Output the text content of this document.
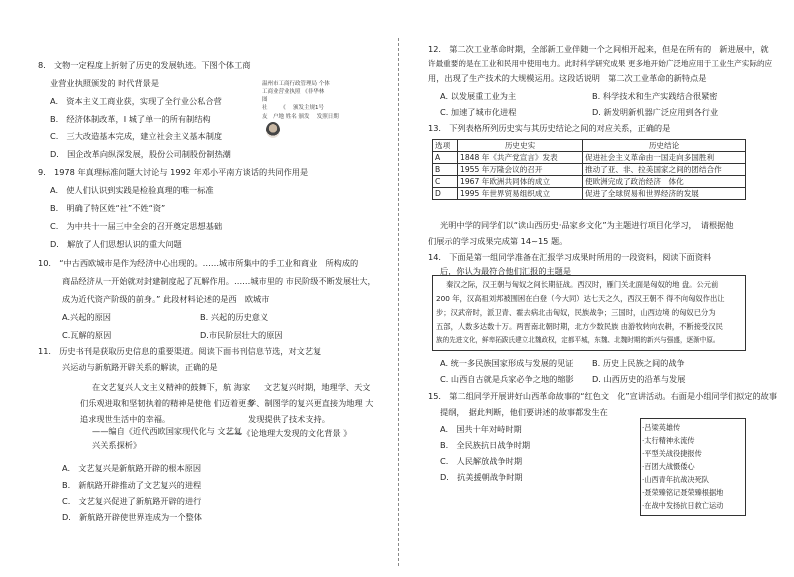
8.　文物一定程度上折射了历史的发展轨迹。下图个体工商
业营业执照颁发的 时代背景是	温州市工商行政管理局 个体
工商业营业执照 《非华林
图
社　　 《　 颁发主规1号
友　户地 姓名 颁发　 发照日期
A.　资本主义工商业获，实现了全行业公私合营
B.　经济体制改革，I 城了单一的所有制结构
C.　三大改造基本完成，建立社会主义基本制度
D.　国企改革向纵深发展，股份公司制股份制热潮
9.　1978 年真理标准问题大讨论与 1992 年邓小平南方谈话的共同作用是
A.　使人们认识到实践是检验真理的唯一标准
B.　明确了特区姓“社”不姓“资”
C.　为中共十一届三中全会的召开奠定思想基础
D.　解放了人们思想认识的重大问题
10.　“中古西欧城市是作为经济中心出现的。……城市所集中的手工业和商业　所构成的
商品经济从一开始就对封建制度起了瓦解作用。……城市里的 市民阶级不断发展壮大，
成为近代资产阶级的前身。” 此段材料论述的是西　欧城市
A.兴起的原因	B. 兴起的历史意义
C.瓦解的原因	D.市民阶层壮大的原因
11.　历史书刊是获取历史信息的重要渠道。阅读下面书刊信息节选，对文艺复
兴运动与新航路开辟关系的解读，正确的是
在文艺复兴人文主义精神的鼓舞下，航 海家
们乐观进取和坚韧执着的精神是使他 们迈着更多
追求现世生活中的幸福。
文艺复兴时期，地理学、天文
学、制图学的复兴更直接为地理 大
发现提供了技术支持。
——编自《近代西欧国家现代化与 文艺复
兴关系探析》
——《论地理大发现的文化背景 》
A.　文艺复兴是新航路开辟的根本原因
B.　新航路开辟推动了文艺复兴的进程
C.　文艺复兴促进了新航路开辟的进行
D.　新航路开辟使世界连成为一个整体
12.　第二次工业革命时期，全部新工业伴随一个之间相开起来，但是在所有的　新进展中，就
许最重要的是在工业和民用中使用电力。此时科学研究成果 更多地开始广泛地应用于工业生产实际的应
用，出现了生产技术的大规模运用。这段话说明　第二次工业革命的新特点是
A. 以发展重工业为主	B. 科学技术和生产实践结合很紧密
C. 加速了城市化进程	D. 新发明新机器广泛应用到各行业
13.　下列表格所列历史实与其历史结论之间的对应关系，正确的是
选项	历史史实	历史结论
A	1848 年《共产党宣言》发表	促进社会主义革命由一国走向多国胜利
B	1955 年万隆会议的召开	推动了亚、非、拉美国家之间的团结合作
C	1967 年欧洲共同体的成立	使欧洲完成了政治经济　体化
D	1995 年世界贸易组织成立	促进了全球贸易和世界经济的发展
光明中学的同学们以“读山西历史·品家乡文化”为主题进行项目化学习，　请根据他
们展示的学习成果完成第 14~15 题。
14.　下面是第一组同学准备在汇报学习成果时所用的一段资料，阅读下面资料
后，你认为最符合他们汇报的主题是
秦汉之际，汉王朝与匈奴之间长期征战。西汉时，雁门关北面是匈奴的地 盘。公元前
200 年，汉高祖刘邦被围困在白登（今大同）达七天之久，西汉王朝不 得不向匈奴作出让
步；汉武帝时，派卫青、霍去病北击匈奴，民族战争；三国时，山西边境 的匈奴已分为
五部，人数多达数十万。两晋南北朝时期，北方少数民族 由游牧转向农耕，不断接受汉民
族的先进文化，鲜卑拓跋氏建立北魏政权，定都平城，东魏、北魏时期的新兴与强盛，逐渐中原。
A. 统一多民族国家形成与发展的见证 B. 历史上民族之间的战争
C. 山西自古就是兵家必争之地的缩影 D. 山西历史的沿革与发展
15.　第二组同学开展讲好山西革命故事的“红色文　化”宣讲活动。右面是小组同学们拟定的故事
提纲，　据此判断，他们要讲述的故事都发生在
A.　国共十年对峙时期
B.　全民族抗日战争时期
C.　人民解放战争时期
D.　抗美援朝战争时期
·吕梁英雄传
·太行精神永流传
·平型关战役捷报传
·百团大战慑倭心
·山西青年抗战决死队
·聂荣臻铭记聂荣臻根据地
·在战中发扬抗日救亡运动
